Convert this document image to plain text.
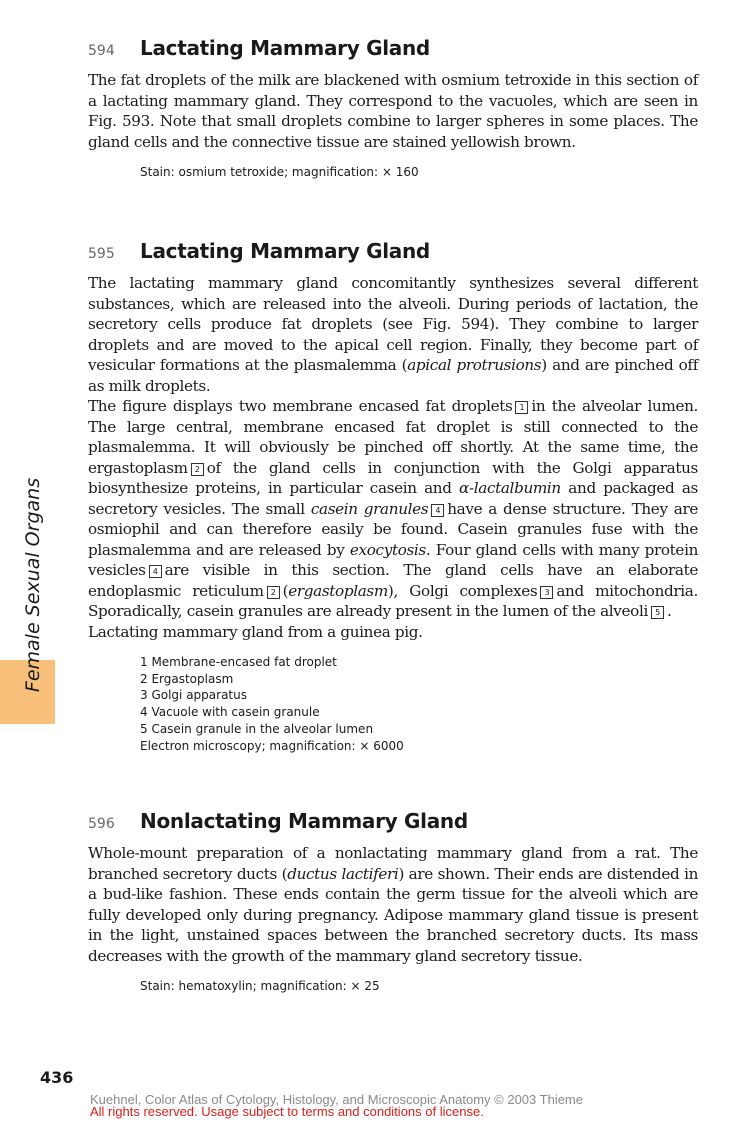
Female Sexual Organs
594	Lactating Mammary Gland

The fat droplets of the milk are blackened with osmium tetroxide in this section of a lactating mammary gland. They correspond to the vacuoles, which are seen in Fig. 593. Note that small droplets combine to larger spheres in some places. The gland cells and the connective tissue are stained yellowish brown.

Stain: osmium tetroxide; magnification: × 160
595	Lactating Mammary Gland

The lactating mammary gland concomitantly synthesizes several different substances, which are released into the alveoli. During periods of lactation, the secretory cells produce fat droplets (see Fig. 594). They combine to larger droplets and are moved to the apical cell region. Finally, they become part of vesicular formations at the plasmalemma (apical protrusions) and are pinched off as milk droplets.

The figure displays two membrane encased fat droplets 1 in the alveolar lumen. The large central, membrane encased fat droplet is still connected to the plasmalemma. It will obviously be pinched off shortly. At the same time, the ergastoplasm 2 of the gland cells in conjunction with the Golgi apparatus biosynthesize proteins, in particular casein and α-lactalbumin and packaged as secretory vesicles. The small casein granules 4 have a dense structure. They are osmiophil and can therefore easily be found. Casein granules fuse with the plasmalemma and are released by exocytosis. Four gland cells with many protein vesicles 4 are visible in this section. The gland cells have an elaborate endoplasmic reticulum 2 (ergastoplasm), Golgi complexes 3 and mitochondria. Sporadically, casein granules are already present in the lumen of the alveoli 5 .

Lactating mammary gland from a guinea pig.

1 Membrane-encased fat droplet
2 Ergastoplasm
3 Golgi apparatus
4 Vacuole with casein granule
5 Casein granule in the alveolar lumen
Electron microscopy; magnification: × 6000
596	Nonlactating Mammary Gland

Whole-mount preparation of a nonlactating mammary gland from a rat. The branched secretory ducts (ductus lactiferi) are shown. Their ends are distended in a bud-like fashion. These ends contain the germ tissue for the alveoli which are fully developed only during pregnancy. Adipose mammary gland tissue is present in the light, unstained spaces between the branched secretory ducts. Its mass decreases with the growth of the mammary gland secretory tissue.

Stain: hematoxylin; magnification: × 25
436
Kuehnel, Color Atlas of Cytology, Histology, and Microscopic Anatomy © 2003 Thieme
All rights reserved. Usage subject to terms and conditions of license.
